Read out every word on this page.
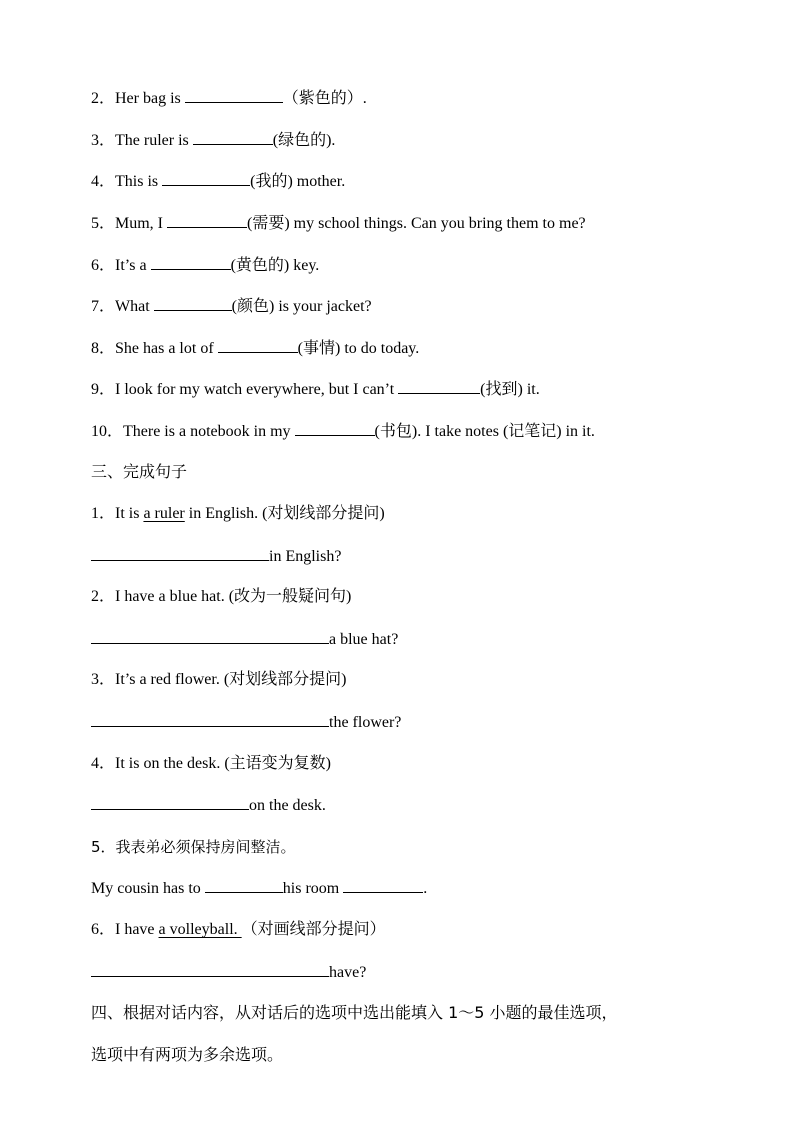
2．Her bag is	（紫色的）.
3．The ruler is	(绿色的).
4．This is	(我的) mother.
5．Mum, I	(需要) my school things. Can you bring them to me?
6．It’s a	(黄色的) key.
7．What	(颜色) is your jacket?
8．She has a lot of	(事情) to do today.
9．I look for my watch everywhere, but I can’t	(找到) it.
10．There is a notebook in my	(书包). I take notes (记笔记) in it.
三、完成句子
1．It is a ruler in English. (对划线部分提问)
in English?
2．I have a blue hat. (改为一般疑问句)
a blue hat?
3．It’s a red flower. (对划线部分提问)
the flower?
4．It is on the desk. (主语变为复数)
on the desk.
5．我表弟必须保持房间整洁。
My cousin has to	his room	.
6．I have a volleyball. （对画线部分提问）
have?
四、根据对话内容，从对话后的选项中选出能填入 1～5 小题的最佳选项，
选项中有两项为多余选项。
